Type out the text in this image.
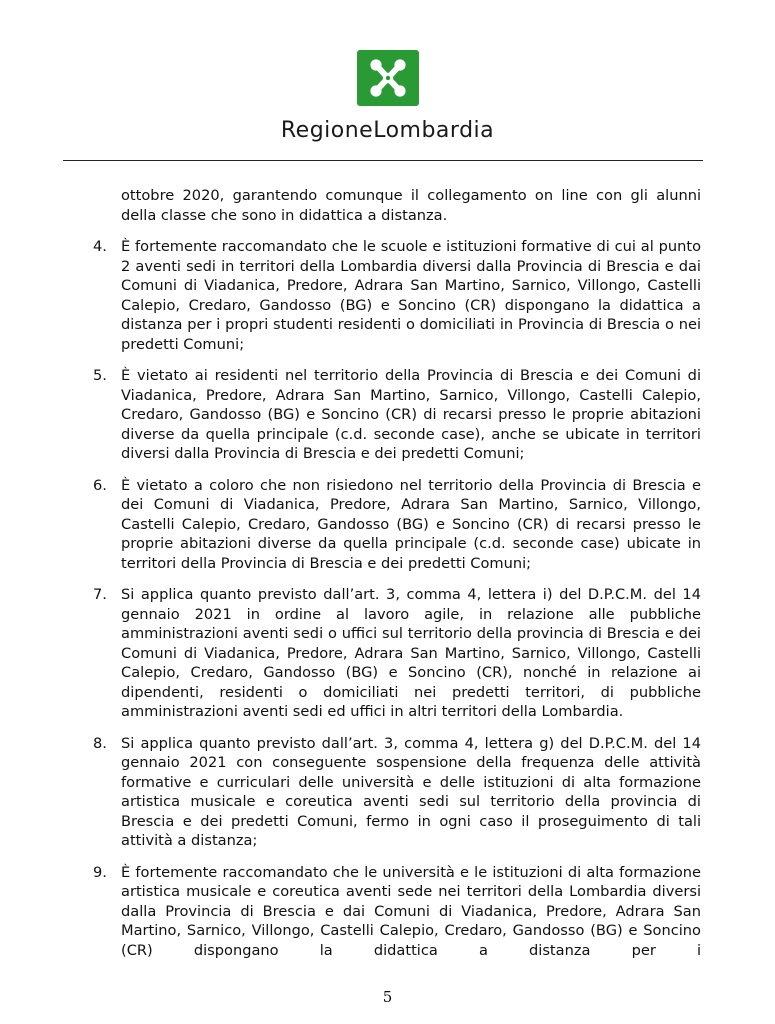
RegioneLombardia
ottobre 2020, garantendo comunque il collegamento on line con gli alunni della classe che sono in didattica a distanza.
4. È fortemente raccomandato che le scuole e istituzioni formative di cui al punto 2 aventi sedi in territori della Lombardia diversi dalla Provincia di Brescia e dai Comuni di Viadanica, Predore, Adrara San Martino, Sarnico, Villongo, Castelli Calepio, Credaro, Gandosso (BG) e Soncino (CR) dispongano la didattica a distanza per i propri studenti residenti o domiciliati in Provincia di Brescia o nei predetti Comuni;
5. È vietato ai residenti nel territorio della Provincia di Brescia e dei Comuni di Viadanica, Predore, Adrara San Martino, Sarnico, Villongo, Castelli Calepio, Credaro, Gandosso (BG) e Soncino (CR) di recarsi presso le proprie abitazioni diverse da quella principale (c.d. seconde case), anche se ubicate in territori diversi dalla Provincia di Brescia e dei predetti Comuni;
6. È vietato a coloro che non risiedono nel territorio della Provincia di Brescia e dei Comuni di Viadanica, Predore, Adrara San Martino, Sarnico, Villongo, Castelli Calepio, Credaro, Gandosso (BG) e Soncino (CR) di recarsi presso le proprie abitazioni diverse da quella principale (c.d. seconde case) ubicate in territori della Provincia di Brescia e dei predetti Comuni;
7. Si applica quanto previsto dall’art. 3, comma 4, lettera i) del D.P.C.M. del 14 gennaio 2021 in ordine al lavoro agile, in relazione alle pubbliche amministrazioni aventi sedi o uffici sul territorio della provincia di Brescia e dei Comuni di Viadanica, Predore, Adrara San Martino, Sarnico, Villongo, Castelli Calepio, Credaro, Gandosso (BG) e Soncino (CR), nonché in relazione ai dipendenti, residenti o domiciliati nei predetti territori, di pubbliche amministrazioni aventi sedi ed uffici in altri territori della Lombardia.
8. Si applica quanto previsto dall’art. 3, comma 4, lettera g) del D.P.C.M. del 14 gennaio 2021 con conseguente sospensione della frequenza delle attività formative e curriculari delle università e delle istituzioni di alta formazione artistica musicale e coreutica aventi sedi sul territorio della provincia di Brescia e dei predetti Comuni, fermo in ogni caso il proseguimento di tali attività a distanza;
9. È fortemente raccomandato che le università e le istituzioni di alta formazione artistica musicale e coreutica aventi sede nei territori della Lombardia diversi dalla Provincia di Brescia e dai Comuni di Viadanica, Predore, Adrara San Martino, Sarnico, Villongo, Castelli Calepio, Credaro, Gandosso (BG) e Soncino (CR) dispongano la didattica a distanza per i
5
